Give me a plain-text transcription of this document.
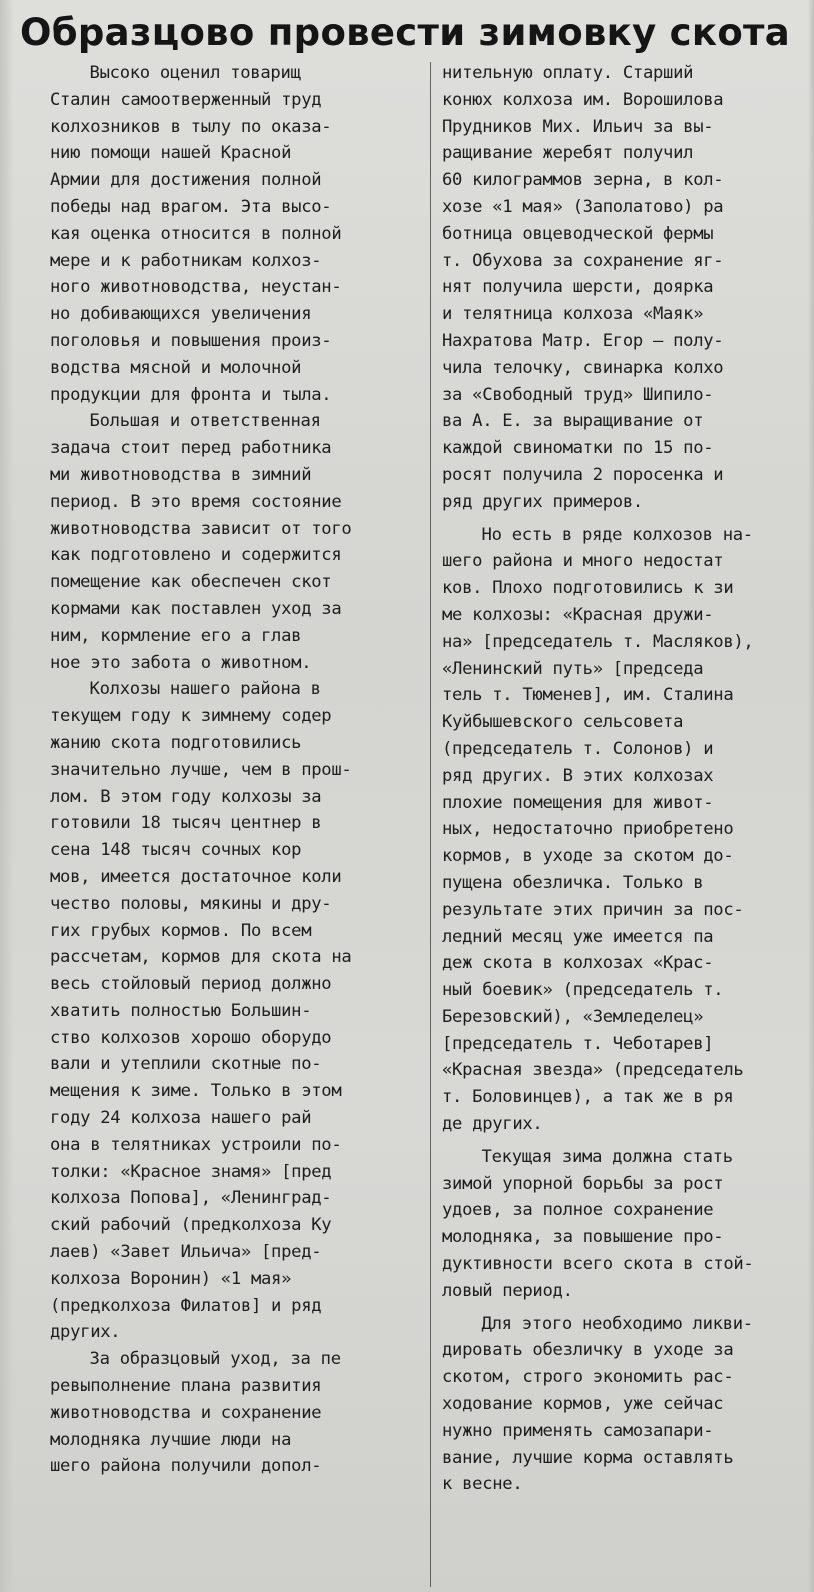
Образцово провести зимовку скота
Высоко оценил товарищ
Сталин самоотверженный труд
колхозников в тылу по оказа-
нию помощи нашей Красной
Армии для достижения полной
победы над врагом. Эта высо-
кая оценка относится в полной
мере и к работникам колхоз-
ного животноводства, неустан-
но добивающихся увеличения
поголовья и повышения произ-
водства мясной и молочной
продукции для фронта и тыла.
Большая и ответственная
задача стоит перед работника
ми животноводства в зимний
период. В это время состояние
животноводства зависит от того
как подготовлено и содержится
помещение как обеспечен скот
кормами как поставлен уход за
ним, кормление его а глав
ное это забота о животном.
Колхозы нашего района в
текущем году к зимнему содер
жанию скота подготовились
значительно лучше, чем в прош-
лом. В этом году колхозы за
готовили 18 тысяч центнер в
сена 148 тысяч сочных кор
мов, имеется достаточное коли
чество половы, мякины и дру-
гих грубых кормов. По всем
рассчетам, кормов для скота на
весь стойловый период должно
хватить полностью Большин-
ство колхозов хорошо оборудо
вали и утеплили скотные по-
мещения к зиме. Только в этом
году 24 колхоза нашего рай
она в телятниках устроили по-
толки: «Красное знамя» [пред
колхоза Попова], «Ленинград-
ский рабочий (предколхоза Ку
лаев) «Завет Ильича» [пред-
колхоза Воронин) «1 мая»
(предколхоза Филатов] и ряд
других.
За образцовый уход, за пе
ревыполнение плана развития
животноводства и сохранение
молодняка лучшие люди на
шего района получили допол-
нительную оплату. Старший
конюх колхоза им. Ворошилова
Прудников Мих. Ильич за вы-
ращивание жеребят получил
60 килограммов зерна, в кол-
хозе «1 мая» (Заполатово) ра
ботница овцеводческой фермы
т. Обухова за сохранение яг-
нят получила шерсти, доярка
и телятница колхоза «Маяк»
Нахратова Матр. Егор — полу-
чила телочку, свинарка колхо
за «Свободный труд» Шипило-
ва А. Е. за выращивание от
каждой свиноматки по 15 по-
росят получила 2 поросенка и
ряд других примеров.
Но есть в ряде колхозов на-
шего района и много недостат
ков. Плохо подготовились к зи
ме колхозы: «Красная дружи-
на» [председатель т. Масляков),
«Ленинский путь» [предсeда
тель т. Тюменев], им. Сталина
Куйбышевского сельсовета
(председатель т. Солонов) и
ряд других. В этих колхозах
плохие помещения для живот-
ных, недостаточно приобретено
кормов, в уходе за скотом до-
пущена обезличка. Только в
результате этих причин за пос-
ледний месяц уже имеется па
деж скота в колхозах «Крас-
ный боевик» (председатель т.
Березовский), «Земледелец»
[председатель т. Чеботарев]
«Красная звезда» (председатель
т. Боловинцев), а так же в ря
де других.
Текущая зима должна стать
зимой упорной борьбы за рост
удоев, за полное сохранение
молодняка, за повышение про-
дуктивности всего скота в стой-
ловый период.
Для этого необходимо ликви-
дировать обезличку в уходе за
скотом, строго экономить рас-
ходование кормов, уже сейчас
нужно применять самозапари-
вание, лучшие корма оставлять
к весне.
